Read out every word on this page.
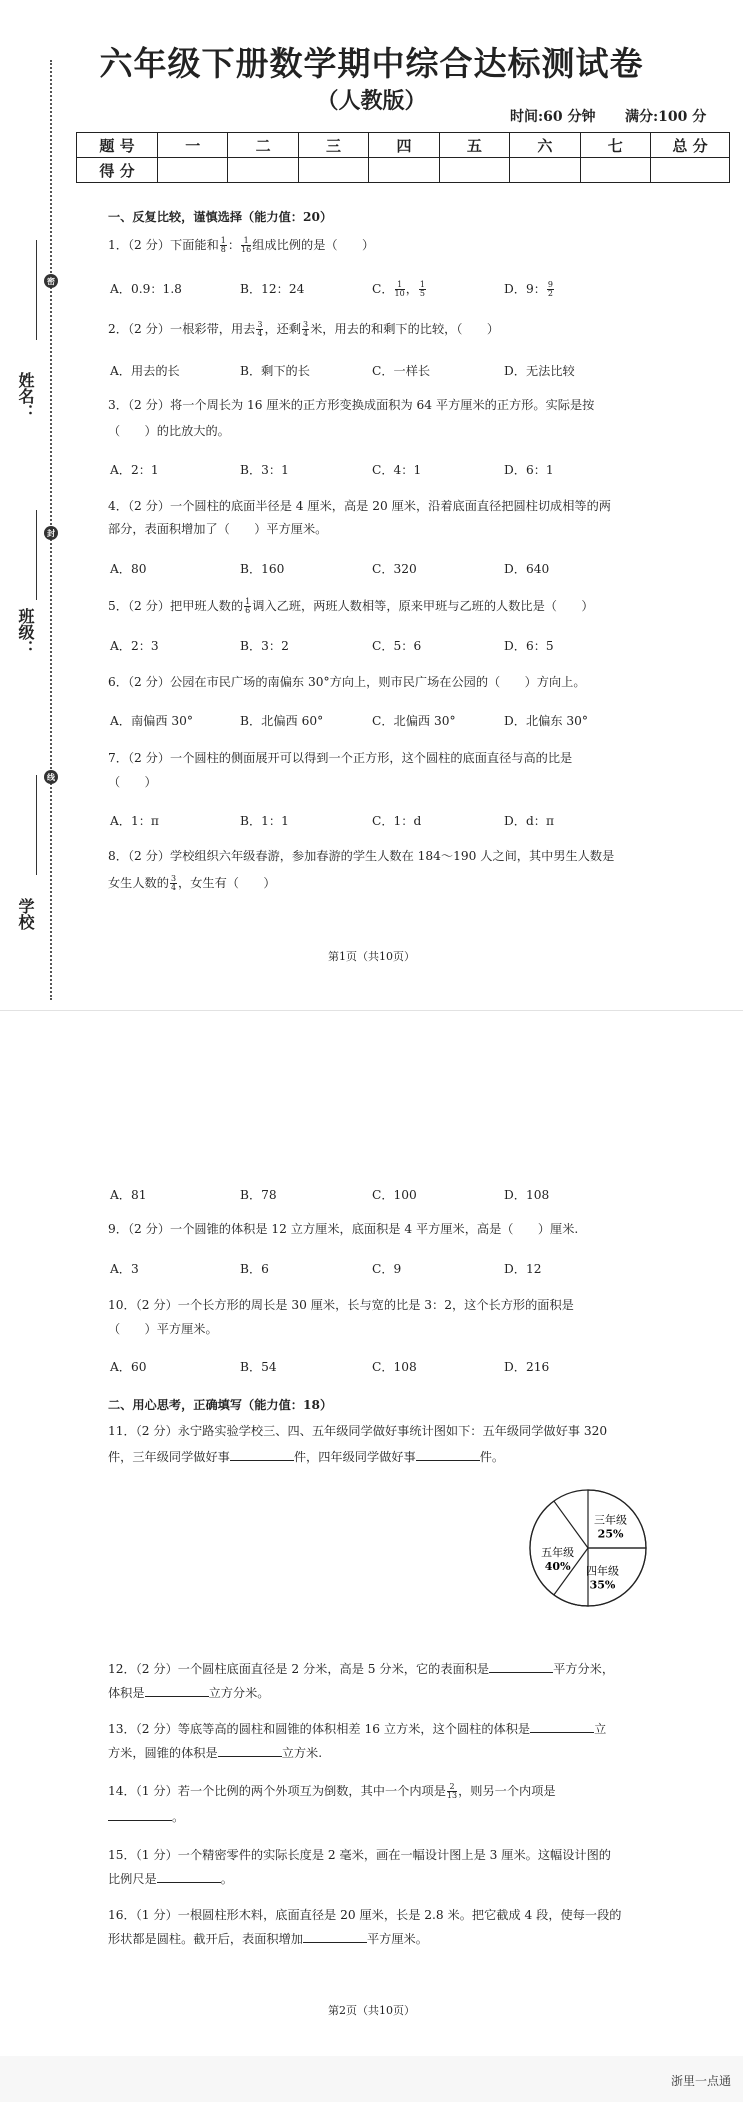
六年级下册数学期中综合达标测试卷
（人教版）
时间:60 分钟 满分:100 分
题 号	一	二	三	四	五	六	七	总 分
得 分								
姓名：
密
班级：
封
学校
线
一、反复比较，谨慎选择（能力值：20）
1．（2 分）下面能和 $\frac{1}{8}$ ： $\frac{1}{16}$ 组成比例的是（　　）
A．0.9：1.8	B．12：24	C． $\frac{1}{10}$ ， $\frac{1}{5}$	D．9： $\frac{9}{2}$
2．（2 分）一根彩带，用去 $\frac{3}{4}$ ，还剩 $\frac{3}{4}$ 米，用去的和剩下的比较，（　　）
A．用去的长	B．剩下的长	C．一样长	D．无法比较
3．（2 分）将一个周长为 16 厘米的正方形变换成面积为 64 平方厘米的正方形。实际是按
（　　）的比放大的。
A．2：1	B．3：1	C．4：1	D．6：1
4．（2 分）一个圆柱的底面半径是 4 厘米，高是 20 厘米，沿着底面直径把圆柱切成相等的两
部分，表面积增加了（　　）平方厘米。
A．80	B．160	C．320	D．640
5．（2 分）把甲班人数的 $\frac{1}{6}$ 调入乙班，两班人数相等，原来甲班与乙班的人数比是（　　）
A．2：3	B．3：2	C．5：6	D．6：5
6．（2 分）公园在市民广场的南偏东 30°方向上，则市民广场在公园的（　　）方向上。
A．南偏西 30°	B．北偏西 60°	C．北偏西 30°	D．北偏东 30°
7．（2 分）一个圆柱的侧面展开可以得到一个正方形，这个圆柱的底面直径与高的比是
（　　）
A．1：π	B．1：1	C．1：d	D．d：π
8．（2 分）学校组织六年级春游，参加春游的学生人数在 184～190 人之间，其中男生人数是
女生人数的 $\frac{3}{4}$ ，女生有（　　）
第1页（共10页）
A．81	B．78	C．100	D．108
9．（2 分）一个圆锥的体积是 12 立方厘米，底面积是 4 平方厘米，高是（　　）厘米.
A．3	B．6	C．9	D．12
10．（2 分）一个长方形的周长是 30 厘米，长与宽的比是 3：2，这个长方形的面积是
（　　）平方厘米。
A．60	B．54	C．108	D．216
二、用心思考，正确填写（能力值：18）
11．（2 分）永宁路实验学校三、四、五年级同学做好事统计图如下：五年级同学做好事 320
件，三年级同学做好事	件，四年级同学做好事	件。
五年级
40%
三年级
25%
四年级
35%
12．（2 分）一个圆柱底面直径是 2 分米，高是 5 分米，它的表面积是	平方分米，
体积是	立方分米。
13．（2 分）等底等高的圆柱和圆锥的体积相差 16 立方米，这个圆柱的体积是	立
方米，圆锥的体积是	立方米.
14．（1 分）若一个比例的两个外项互为倒数，其中一个内项是 $\frac{2}{13}$ ，则另一个内项是
。
15．（1 分）一个精密零件的实际长度是 2 毫米，画在一幅设计图上是 3 厘米。这幅设计图的
比例尺是	。
16．（1 分）一根圆柱形木料，底面直径是 20 厘米，长是 2.8 米。把它截成 4 段，使每一段的
形状都是圆柱。截开后，表面积增加	平方厘米。
第2页（共10页）
浙里一点通
